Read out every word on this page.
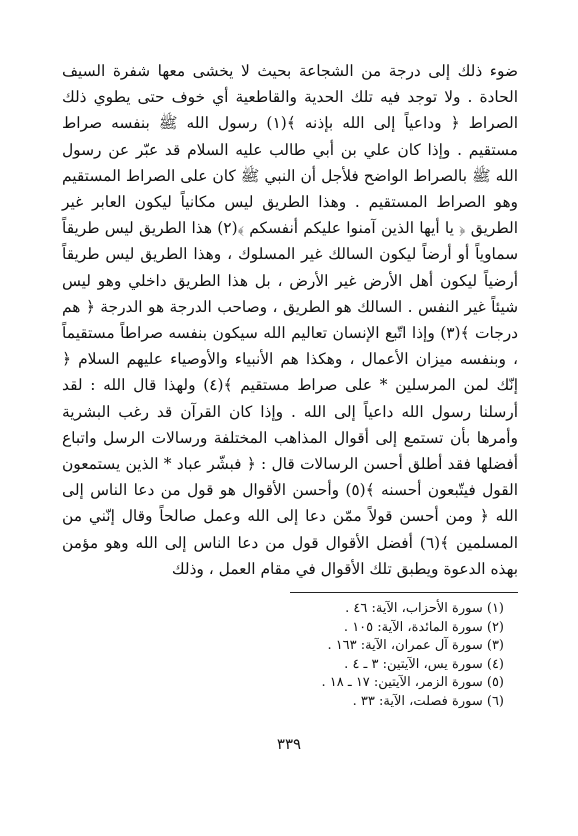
ضوء ذلك إلى درجة من الشجاعة بحيث لا يخشى معها شفرة السيف الحادة . ولا توجد فيه تلك الحدية والقاطعية أي خوف حتى يطوي ذلك الصراط ﴿ وداعياً إلى الله بإذنه ﴾(١) رسول الله ﷺ بنفسه صراط مستقيم . وإذا كان علي بن أبي طالب عليه السلام قد عبّر عن رسول الله ﷺ بالصراط الواضح فلأجل أن النبي ﷺ كان على الصراط المستقيم وهو الصراط المستقيم . وهذا الطريق ليس مكانياً ليكون العابر غير الطريق ﴿ يا أيها الذين آمنوا عليكم أنفسكم ﴾(٢) هذا الطريق ليس طريقاً سماوياً أو أرضاً ليكون السالك غير المسلوك ، وهذا الطريق ليس طريقاً أرضياً ليكون أهل الأرض غير الأرض ، بل هذا الطريق داخلي وهو ليس شيئاً غير النفس . السالك هو الطريق ، وصاحب الدرجة هو الدرجة ﴿ هم درجات ﴾(٣) وإذا اتّبع الإنسان تعاليم الله سيكون بنفسه صراطاً مستقيماً ، وبنفسه ميزان الأعمال ، وهكذا هم الأنبياء والأوصياء عليهم السلام ﴿ إنّك لمن المرسلين * على صراط مستقيم ﴾(٤) ولهذا قال الله : لقد أرسلنا رسول الله داعياً إلى الله . وإذا كان القرآن قد رغب البشرية وأمرها بأن تستمع إلى أقوال المذاهب المختلفة ورسالات الرسل واتباع أفضلها فقد أطلق أحسن الرسالات قال : ﴿ فبشّر عباد * الذين يستمعون القول فيتّبعون أحسنه ﴾(٥) وأحسن الأقوال هو قول من دعا الناس إلى الله ﴿ ومن أحسن قولاً ممّن دعا إلى الله وعمل صالحاً وقال إنّني من المسلمين ﴾(٦) أفضل الأقوال قول من دعا الناس إلى الله وهو مؤمن بهذه الدعوة ويطبق تلك الأقوال في مقام العمل ، وذلك

(١) سورة الأحزاب، الآية: ٤٦ .
(٢) سورة المائدة، الآية: ١٠٥ .
(٣) سورة آل عمران، الآية: ١٦٣ .
(٤) سورة يس، الآيتين: ٣ ـ ٤ .
(٥) سورة الزمر، الآيتين: ١٧ ـ ١٨ .
(٦) سورة فصلت، الآية: ٣٣ .
٣٣٩
